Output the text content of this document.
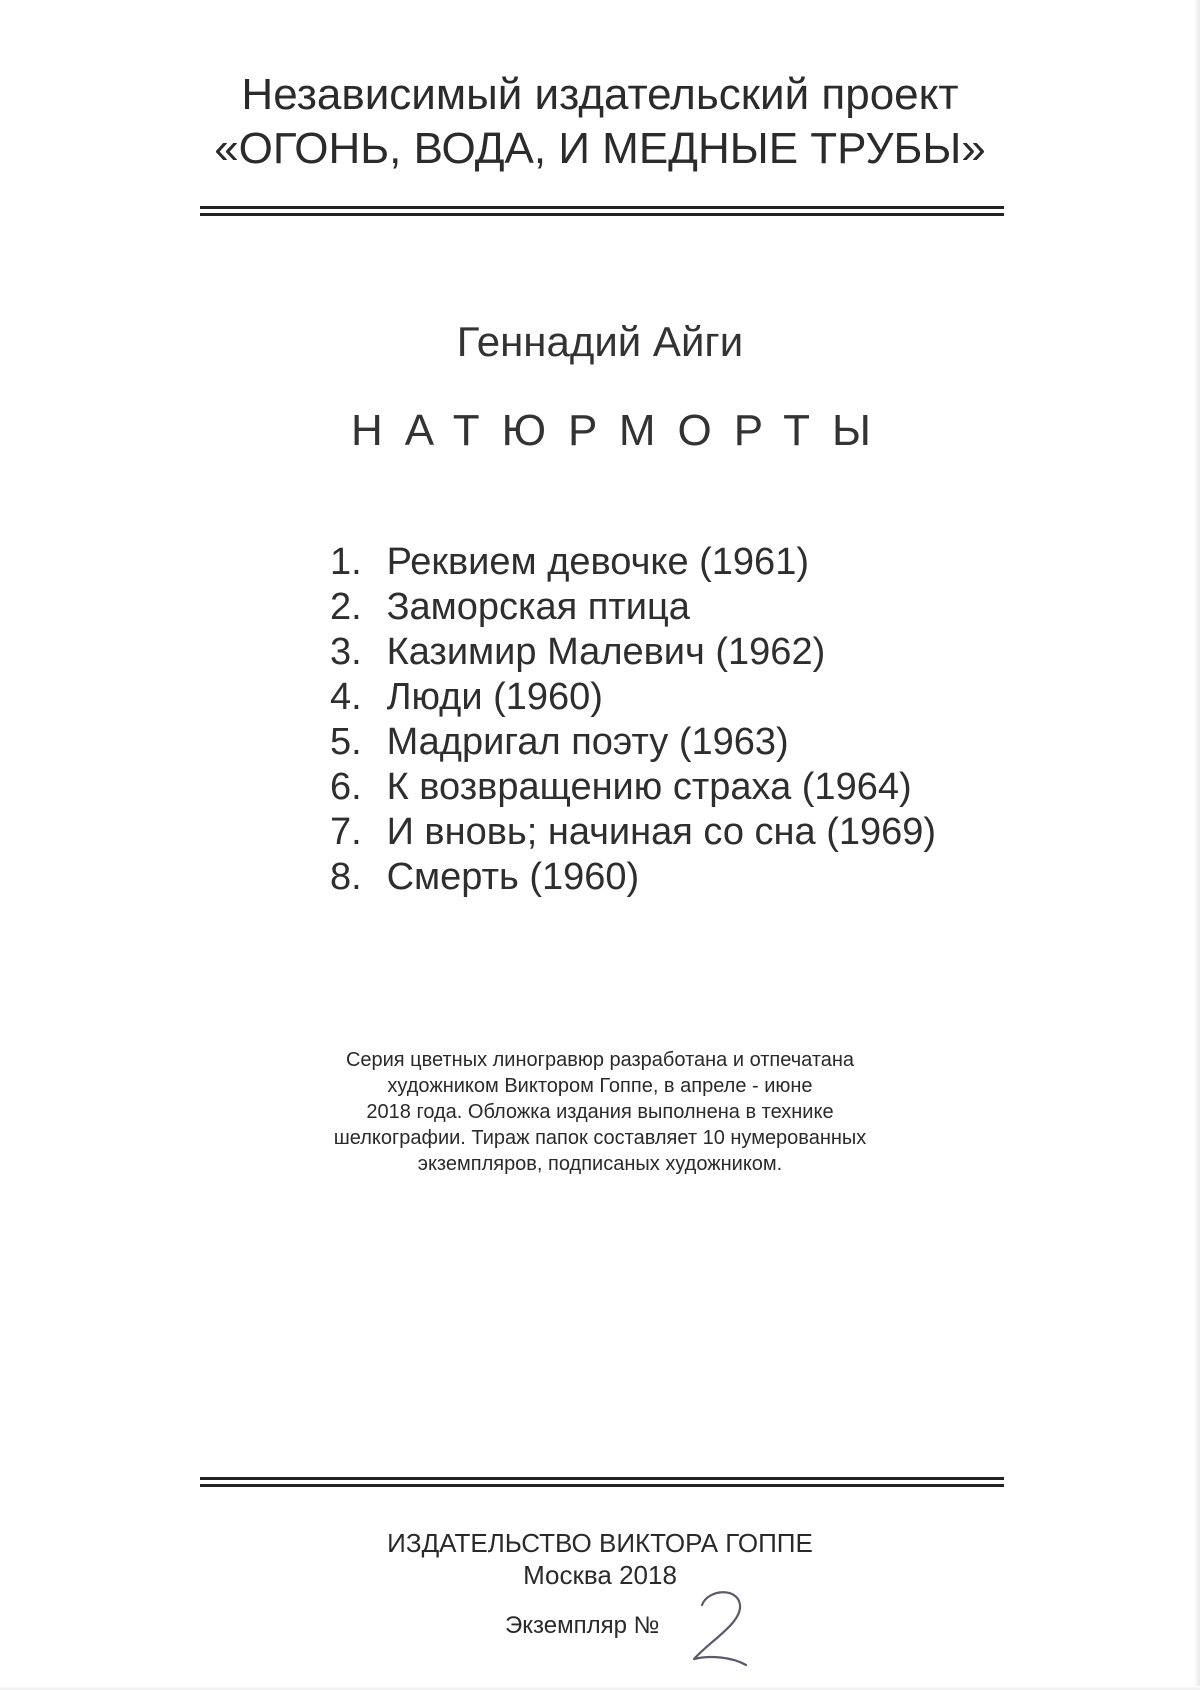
Независимый издательский проект
«ОГОНЬ, ВОДА, И МЕДНЫЕ ТРУБЫ»
Геннадий Айги
НАТЮРМОРТЫ
1. Реквием девочке (1961)
2. Заморская птица
3. Казимир Малевич (1962)
4. Люди (1960)
5. Мадригал поэту (1963)
6. К возвращению страха (1964)
7. И вновь; начиная со сна (1969)
8. Смерть (1960)
Серия цветных линогравюр разработана и отпечатана
художником Виктором Гоппе, в апреле - июне
2018 года. Обложка издания выполнена в технике
шелкографии. Тираж папок составляет 10 нумерованных
экземпляров, подписаных художником.
Экземпляр №
ИЗДАТЕЛЬСТВО ВИКТОРА ГОППЕ
Москва 2018
